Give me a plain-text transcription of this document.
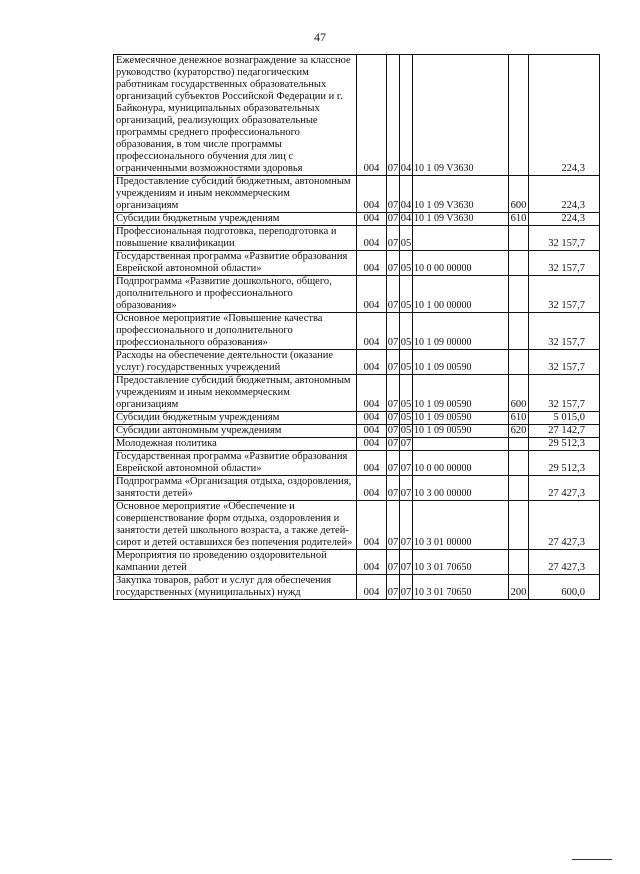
47
Ежемесячное денежное вознаграждение за классное руководство (кураторство) педагогическим работникам государственных образовательных организаций субъектов Российской Федерации и г. Байконура, муниципальных образовательных организаций, реализующих образовательные программы среднего профессионального образования, в том числе программы профессионального обучения для лиц с ограниченными возможностями здоровья	004	07	04	10 1 09 V3630		224,3
Предоставление субсидий бюджетным, автономным учреждениям и иным некоммерческим организациям	004	07	04	10 1 09 V3630	600	224,3
Субсидии бюджетным учреждениям	004	07	04	10 1 09 V3630	610	224,3
Профессиональная подготовка, переподготовка и повышение квалификации	004	07	05			32 157,7
Государственная программа «Развитие образования Еврейской автономной области»	004	07	05	10 0 00 00000		32 157,7
Подпрограмма «Развитие дошкольного, общего, дополнительного и профессионального образования»	004	07	05	10 1 00 00000		32 157,7
Основное мероприятие «Повышение качества профессионального и дополнительного профессионального образования»	004	07	05	10 1 09 00000		32 157,7
Расходы на обеспечение деятельности (оказание услуг) государственных учреждений	004	07	05	10 1 09 00590		32 157,7
Предоставление субсидий бюджетным, автономным учреждениям и иным некоммерческим организациям	004	07	05	10 1 09 00590	600	32 157,7
Субсидии бюджетным учреждениям	004	07	05	10 1 09 00590	610	5 015,0
Субсидии автономным учреждениям	004	07	05	10 1 09 00590	620	27 142,7
Молодежная политика	004	07	07			29 512,3
Государственная программа «Развитие образования Еврейской автономной области»	004	07	07	10 0 00 00000		29 512,3
Подпрограмма «Организация отдыха, оздоровления, занятости детей»	004	07	07	10 3 00 00000		27 427,3
Основное мероприятие «Обеспечение и совершенствование форм отдыха, оздоровления и занятости детей школьного возраста, а также детей-сирот и детей оставшихся без попечения родителей»	004	07	07	10 3 01 00000		27 427,3
Мероприятия по проведению оздоровительной кампании детей	004	07	07	10 3 01 70650		27 427,3
Закупка товаров, работ и услуг для обеспечения государственных (муниципальных) нужд	004	07	07	10 3 01 70650	200	600,0
